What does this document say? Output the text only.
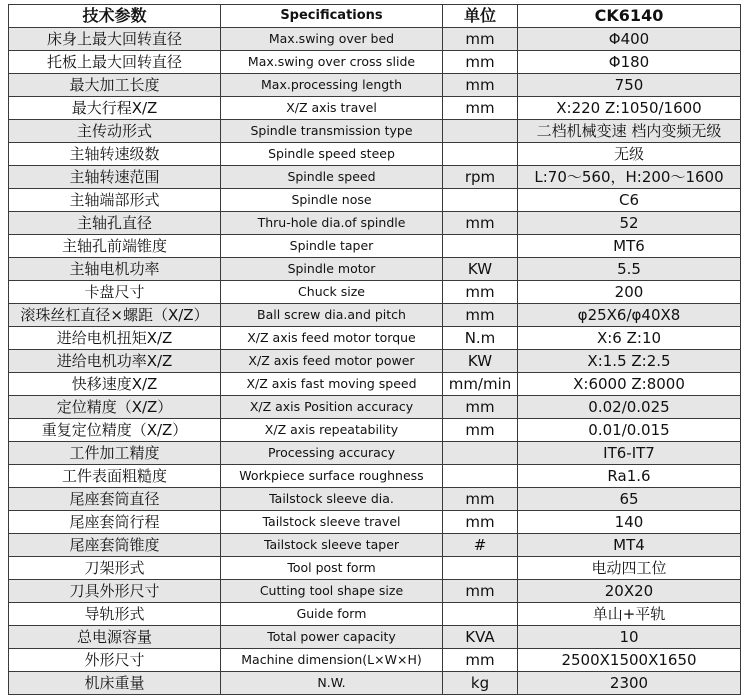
技术参数	Specifications	单位	CK6140
床身上最大回转直径	Max.swing over bed	mm	Φ400
托板上最大回转直径	Max.swing over cross slide	mm	Φ180
最大加工长度	Max.processing length	mm	750
最大行程X/Z	X/Z axis travel	mm	X:220 Z:1050/1600
主传动形式	Spindle transmission type		二档机械变速 档内变频无级
主轴转速级数	Spindle speed steep		无级
主轴转速范围	Spindle speed	rpm	L:70～560，H:200～1600
主轴端部形式	Spindle nose		C6
主轴孔直径	Thru-hole dia.of spindle	mm	52
主轴孔前端锥度	Spindle taper		MT6
主轴电机功率	Spindle motor	KW	5.5
卡盘尺寸	Chuck size	mm	200
滚珠丝杠直径×螺距（X/Z）	Ball screw dia.and pitch	mm	φ25X6/φ40X8
进给电机扭矩X/Z	X/Z axis feed motor torque	N.m	X:6 Z:10
进给电机功率X/Z	X/Z axis feed motor power	KW	X:1.5 Z:2.5
快移速度X/Z	X/Z axis fast moving speed	mm/min	X:6000 Z:8000
定位精度（X/Z）	X/Z axis Position accuracy	mm	0.02/0.025
重复定位精度（X/Z）	X/Z axis repeatability	mm	0.01/0.015
工件加工精度	Processing accuracy		IT6-IT7
工件表面粗糙度	Workpiece surface roughness		Ra1.6
尾座套筒直径	Tailstock sleeve dia.	mm	65
尾座套筒行程	Tailstock sleeve travel	mm	140
尾座套筒锥度	Tailstock sleeve taper	#	MT4
刀架形式	Tool post form		电动四工位
刀具外形尺寸	Cutting tool shape size	mm	20X20
导轨形式	Guide form		单山+平轨
总电源容量	Total power capacity	KVA	10
外形尺寸	Machine dimension(L×W×H)	mm	2500X1500X1650
机床重量	N.W.	kg	2300
